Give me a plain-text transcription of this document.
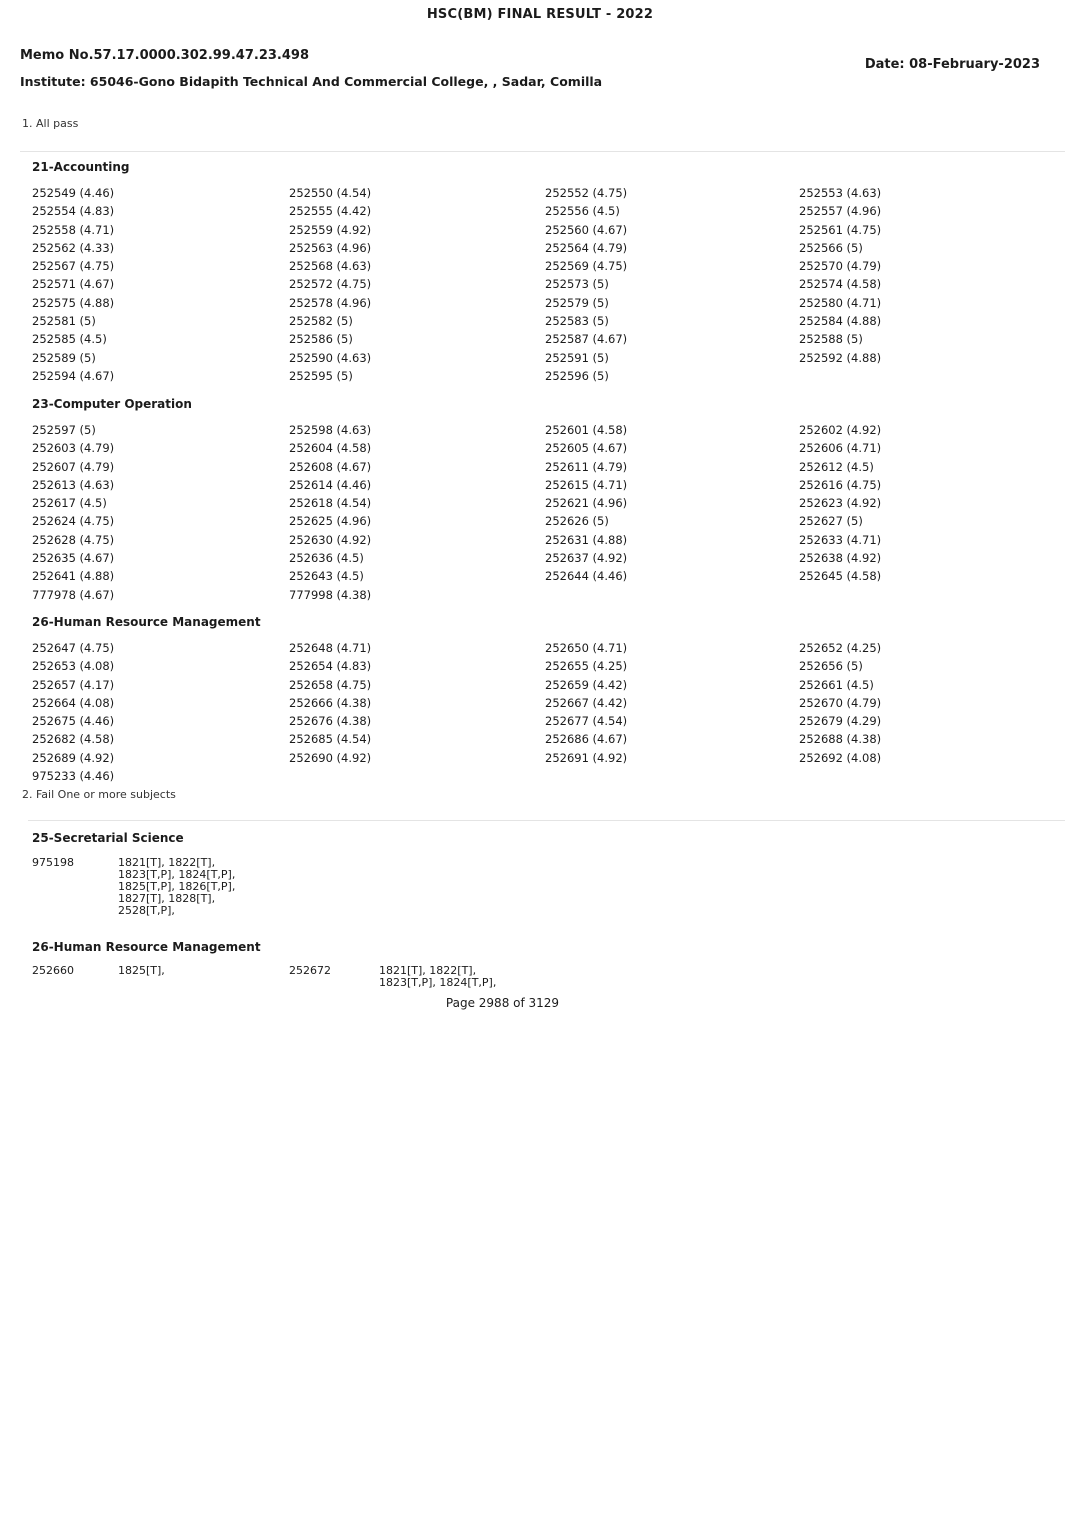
HSC(BM) FINAL RESULT - 2022
Memo No.57.17.0000.302.99.47.23.498
Institute: 65046-Gono Bidapith Technical And Commercial College, , Sadar, Comilla
Date: 08-February-2023
1. All pass
21-Accounting
252549 (4.46)	252550 (4.54)	252552 (4.75)	252553 (4.63)
252554 (4.83)	252555 (4.42)	252556 (4.5)	252557 (4.96)
252558 (4.71)	252559 (4.92)	252560 (4.67)	252561 (4.75)
252562 (4.33)	252563 (4.96)	252564 (4.79)	252566 (5)
252567 (4.75)	252568 (4.63)	252569 (4.75)	252570 (4.79)
252571 (4.67)	252572 (4.75)	252573 (5)	252574 (4.58)
252575 (4.88)	252578 (4.96)	252579 (5)	252580 (4.71)
252581 (5)	252582 (5)	252583 (5)	252584 (4.88)
252585 (4.5)	252586 (5)	252587 (4.67)	252588 (5)
252589 (5)	252590 (4.63)	252591 (5)	252592 (4.88)
252594 (4.67)	252595 (5)	252596 (5)
23-Computer Operation
252597 (5)	252598 (4.63)	252601 (4.58)	252602 (4.92)
252603 (4.79)	252604 (4.58)	252605 (4.67)	252606 (4.71)
252607 (4.79)	252608 (4.67)	252611 (4.79)	252612 (4.5)
252613 (4.63)	252614 (4.46)	252615 (4.71)	252616 (4.75)
252617 (4.5)	252618 (4.54)	252621 (4.96)	252623 (4.92)
252624 (4.75)	252625 (4.96)	252626 (5)	252627 (5)
252628 (4.75)	252630 (4.92)	252631 (4.88)	252633 (4.71)
252635 (4.67)	252636 (4.5)	252637 (4.92)	252638 (4.92)
252641 (4.88)	252643 (4.5)	252644 (4.46)	252645 (4.58)
777978 (4.67)	777998 (4.38)
26-Human Resource Management
252647 (4.75)	252648 (4.71)	252650 (4.71)	252652 (4.25)
252653 (4.08)	252654 (4.83)	252655 (4.25)	252656 (5)
252657 (4.17)	252658 (4.75)	252659 (4.42)	252661 (4.5)
252664 (4.08)	252666 (4.38)	252667 (4.42)	252670 (4.79)
252675 (4.46)	252676 (4.38)	252677 (4.54)	252679 (4.29)
252682 (4.58)	252685 (4.54)	252686 (4.67)	252688 (4.38)
252689 (4.92)	252690 (4.92)	252691 (4.92)	252692 (4.08)
975233 (4.46)
2. Fail One or more subjects
25-Secretarial Science
975198	1821[T], 1822[T], 1823[T,P], 1824[T,P], 1825[T,P], 1826[T,P], 1827[T], 1828[T], 2528[T,P],
26-Human Resource Management
252660	1825[T],	252672	1821[T], 1822[T], 1823[T,P], 1824[T,P],
Page 2988 of 3129
